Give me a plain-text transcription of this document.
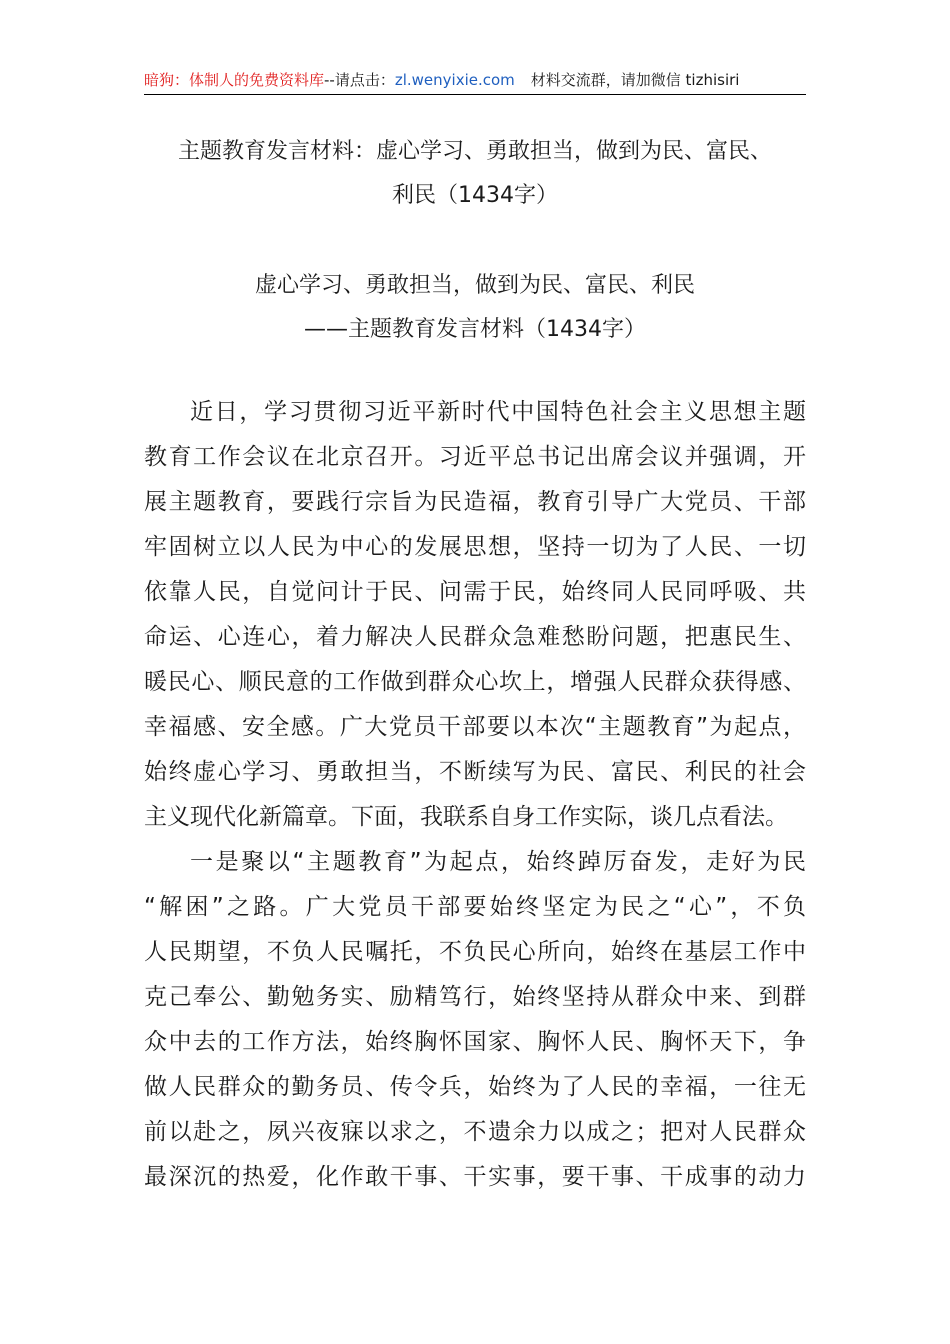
暗狗：体制人的免费资料库--请点击：zl.wenyixie.com 材料交流群，请加微信 tizhisiri
主题教育发言材料：虚心学习、勇敢担当，做到为民、富民、
利民（1434字）
虚心学习、勇敢担当，做到为民、富民、利民
——主题教育发言材料（1434字）
近日，学习贯彻习近平新时代中国特色社会主义思想主题
教育工作会议在北京召开。习近平总书记出席会议并强调，开
展主题教育，要践行宗旨为民造福，教育引导广大党员、干部
牢固树立以人民为中心的发展思想，坚持一切为了人民、一切
依靠人民，自觉问计于民、问需于民，始终同人民同呼吸、共
命运、心连心，着力解决人民群众急难愁盼问题，把惠民生、
暖民心、顺民意的工作做到群众心坎上，增强人民群众获得感、
幸福感、安全感。广大党员干部要以本次“主题教育”为起点，
始终虚心学习、勇敢担当，不断续写为民、富民、利民的社会
主义现代化新篇章。下面，我联系自身工作实际，谈几点看法。
一是聚以“主题教育”为起点，始终踔厉奋发，走好为民
“解困”之路。广大党员干部要始终坚定为民之“心”，不负
人民期望，不负人民嘱托，不负民心所向，始终在基层工作中
克己奉公、勤勉务实、励精笃行，始终坚持从群众中来、到群
众中去的工作方法，始终胸怀国家、胸怀人民、胸怀天下，争
做人民群众的勤务员、传令兵，始终为了人民的幸福，一往无
前以赴之，夙兴夜寐以求之，不遗余力以成之；把对人民群众
最深沉的热爱，化作敢干事、干实事，要干事、干成事的动力
